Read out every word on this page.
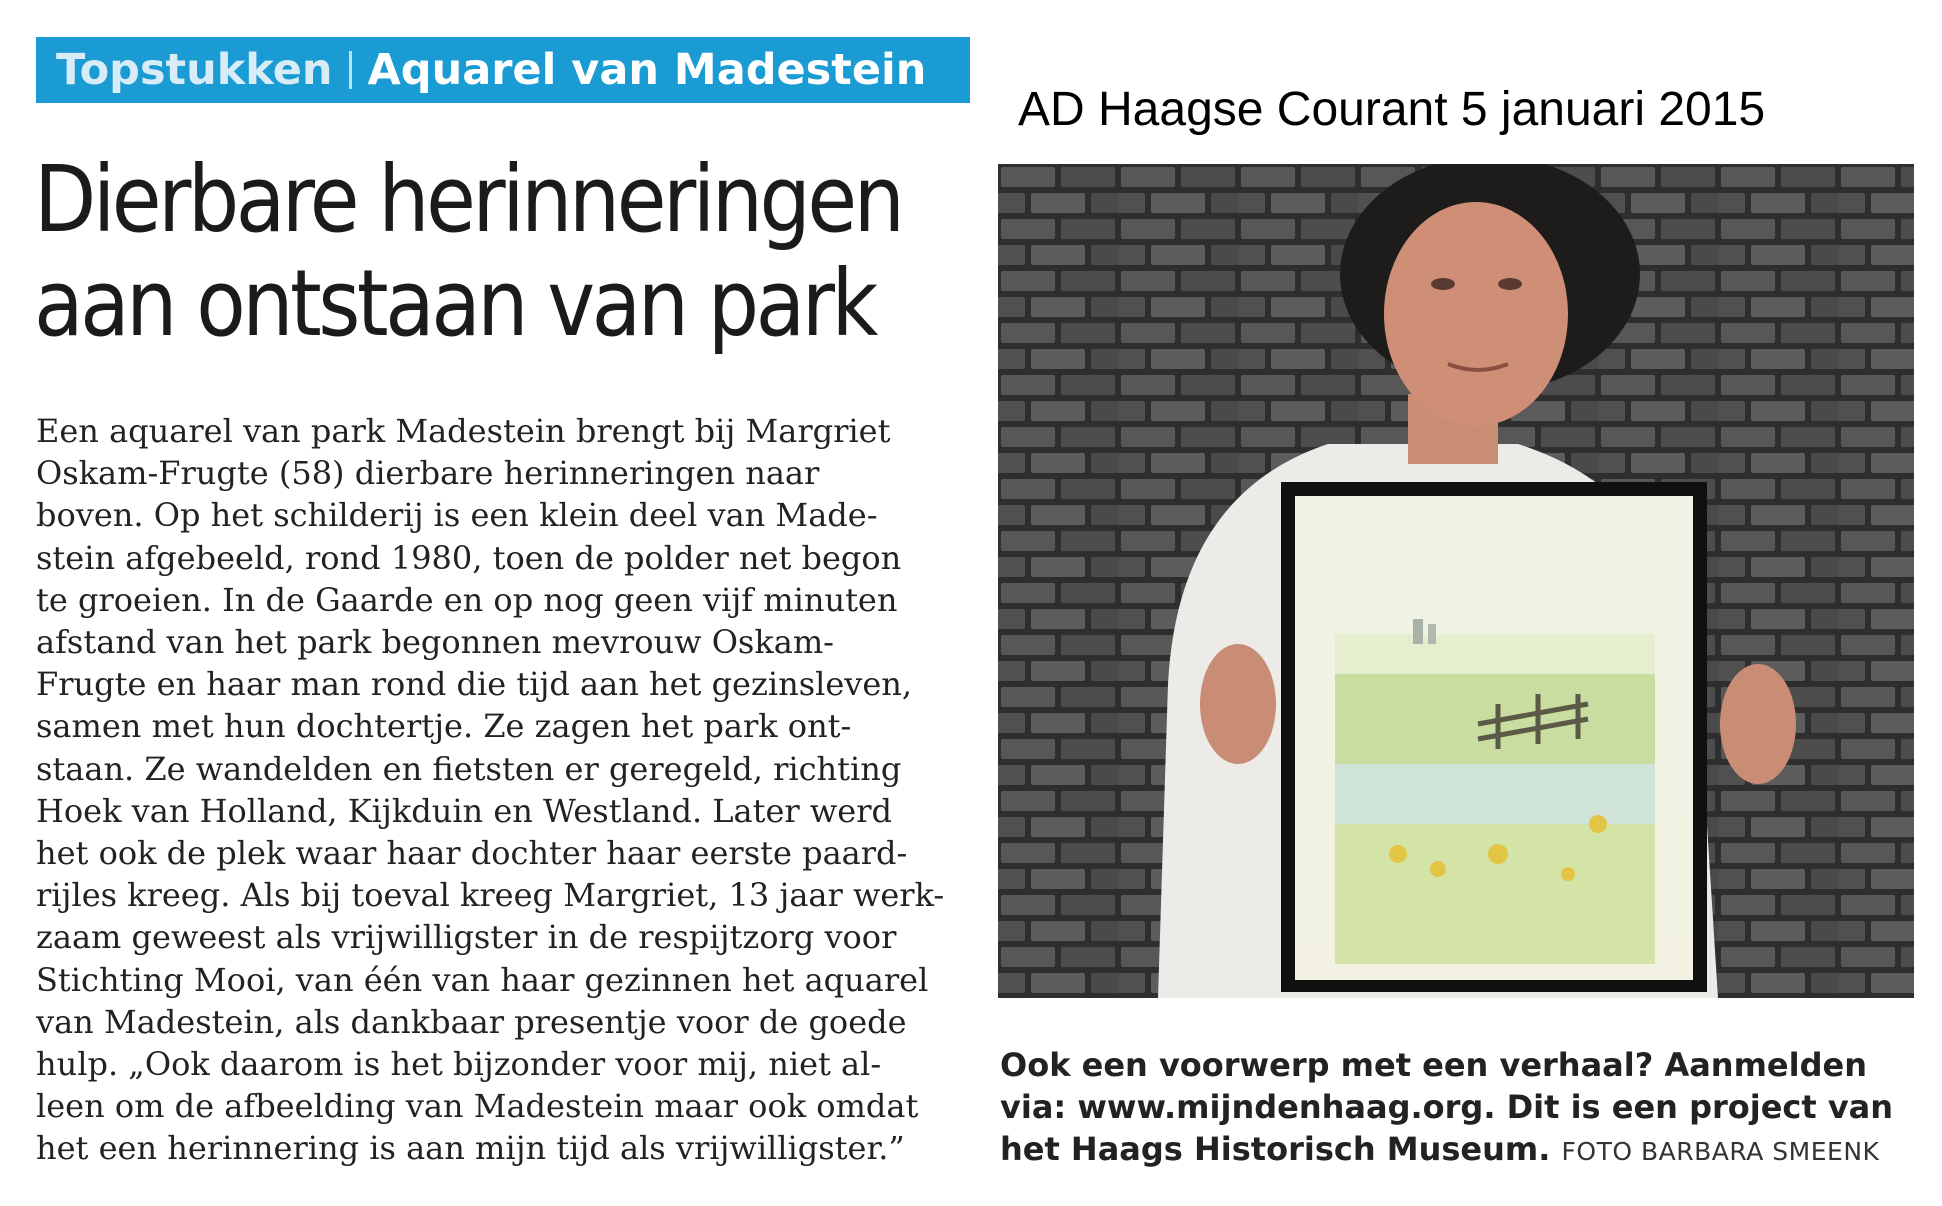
Topstukken Aquarel van Madestein
AD Haagse Courant 5 januari 2015
Dierbare herinneringen
aan ontstaan van park
Een aquarel van park Madestein brengt bij Margriet
Oskam-Frugte (58) dierbare herinneringen naar
boven. Op het schilderij is een klein deel van Made-
stein afgebeeld, rond 1980, toen de polder net begon
te groeien. In de Gaarde en op nog geen vijf minuten
afstand van het park begonnen mevrouw Oskam-
Frugte en haar man rond die tijd aan het gezinsleven,
samen met hun dochtertje. Ze zagen het park ont-
staan. Ze wandelden en fietsten er geregeld, richting
Hoek van Holland, Kijkduin en Westland. Later werd
het ook de plek waar haar dochter haar eerste paard-
rijles kreeg. Als bij toeval kreeg Margriet, 13 jaar werk-
zaam geweest als vrijwilligster in de respijtzorg voor
Stichting Mooi, van één van haar gezinnen het aquarel
van Madestein, als dankbaar presentje voor de goede
hulp. „Ook daarom is het bijzonder voor mij, niet al-
leen om de afbeelding van Madestein maar ook omdat
het een herinnering is aan mijn tijd als vrijwilligster.”

Ook een voorwerp met een verhaal? Aanmelden
via: www.mijndenhaag.org. Dit is een project van
het Haags Historisch Museum. FOTO BARBARA SMEENK
